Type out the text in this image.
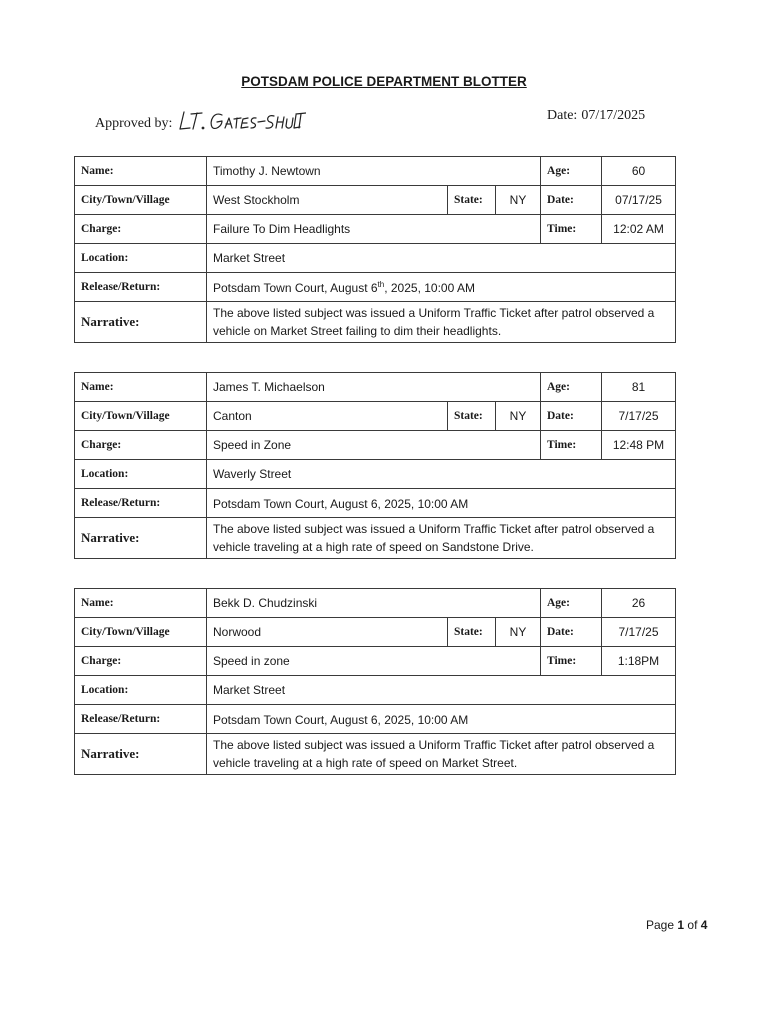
POTSDAM POLICE DEPARTMENT BLOTTER
Approved by:
Date: 07/17/2025
Name:	Timothy J. Newtown			Age:	60
City/Town/Village	West Stockholm	State:	NY	Date:	07/17/25
Charge:	Failure To Dim Headlights			Time:	12:02 AM
Location:	Market Street				
Release/Return:	Potsdam Town Court, August 6th, 2025, 10:00 AM				
Narrative:	The above listed subject was issued a Uniform Traffic Ticket after patrol observed a vehicle on Market Street failing to dim their headlights.				
Name:	James T. Michaelson			Age:	81
City/Town/Village	Canton	State:	NY	Date:	7/17/25
Charge:	Speed in Zone			Time:	12:48 PM
Location:	Waverly Street				
Release/Return:	Potsdam Town Court, August 6, 2025, 10:00 AM				
Narrative:	The above listed subject was issued a Uniform Traffic Ticket after patrol observed a vehicle traveling at a high rate of speed on Sandstone Drive.				
Name:	Bekk D. Chudzinski			Age:	26
City/Town/Village	Norwood	State:	NY	Date:	7/17/25
Charge:	Speed in zone			Time:	1:18PM
Location:	Market Street				
Release/Return:	Potsdam Town Court, August 6, 2025, 10:00 AM				
Narrative:	The above listed subject was issued a Uniform Traffic Ticket after patrol observed a vehicle traveling at a high rate of speed on Market Street.				
Page 1 of 4
